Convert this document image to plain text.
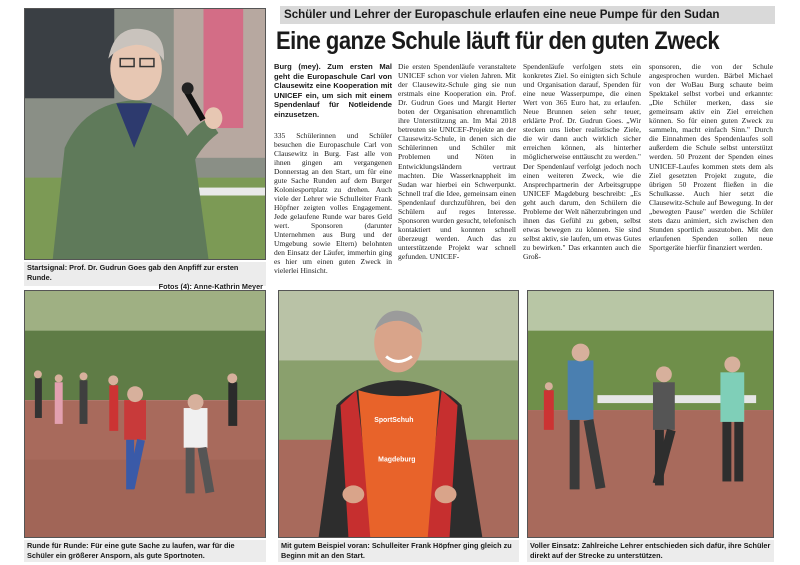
Schüler und Lehrer der Europaschule erlaufen eine neue Pumpe für den Sudan
Eine ganze Schule läuft für den guten Zweck
Startsignal: Prof. Dr. Gudrun Goes gab den Anpfiff zur ersten Runde.
Fotos (4): Anne-Kathrin Meyer

Burg (mey). Zum ersten Mal geht die Europaschule Carl von Clausewitz eine Kooperation mit UNICEF ein, um sich mit einem Spendenlauf für Notleidende einzusetzen.

335 Schülerinnen und Schüler besuchen die Europaschule Carl von Clausewitz in Burg. Fast alle von ihnen gingen am vergangenen Donnerstag an den Start, um für eine gute Sache Runden auf dem Burger Koloniesportplatz zu drehen. Auch viele der Lehrer wie Schulleiter Frank Höpfner zeigten volles Engagement. Jede gelaufene Runde war bares Geld wert. Sponsoren (darunter Unternehmen aus Burg und der Umgebung sowie Eltern) belohnten den Einsatz der Läufer, immerhin ging es hier um einen guten Zweck in vielerlei Hinsicht.

Die ersten Spendenläufe veranstaltete UNICEF schon vor vielen Jahren. Mit der Clausewitz-Schule ging sie nun erstmals eine Kooperation ein. Prof. Dr. Gudrun Goes und Margit Herter boten der Organisation ehrenamtlich ihre Unterstützung an. Im Mai 2018 betreuten sie UNICEF-Projekte an der Clausewitz-Schule, in denen sich die Schülerinnen und Schüler mit Problemen und Nöten in Entwicklungsländern vertraut machten. Die Wasserknappheit im Sudan war hierbei ein Schwerpunkt. Schnell traf die Idee, gemeinsam einen Spendenlauf durchzuführen, bei den Schülern auf reges Interesse. Sponsoren wurden gesucht, telefonisch kontaktiert und konnten schnell überzeugt werden. Auch das zu unterstützende Projekt war schnell gefunden. UNICEF-

Spendenläufe verfolgen stets ein konkretes Ziel. So einigten sich Schule und Organisation darauf, Spenden für eine neue Wasserpumpe, die einen Wert von 365 Euro hat, zu erlaufen. Neue Brunnen seien sehr teuer, erklärte Prof. Dr. Gudrun Goes. „Wir stecken uns lieber realistische Ziele, die wir dann auch wirklich sicher erreichen können, als hinterher möglicherweise enttäuscht zu werden." Der Spendenlauf verfolgt jedoch noch einen weiteren Zweck, wie die Ansprechpartnerin der Arbeitsgruppe UNICEF Magdeburg beschreibt: „Es geht auch darum, den Schülern die Probleme der Welt näherzubringen und ihnen das Gefühl zu geben, selbst etwas bewegen zu können. Sie sind selbst aktiv, sie laufen, um etwas Gutes zu bewirken." Das erkannten auch die Groß-

sponsoren, die von der Schule angesprochen wurden. Bärbel Michael von der WoBau Burg schaute beim Spektakel selbst vorbei und erkannte: „Die Schüler merken, dass sie gemeinsam aktiv ein Ziel erreichen können. So für einen guten Zweck zu sammeln, macht einfach Sinn." Durch die Einnahmen des Spendenlaufes soll außerdem die Schule selbst unterstützt werden. 50 Prozent der Spenden eines UNICEF-Laufes kommen stets dem als Ziel gesetzten Projekt zugute, die übrigen 50 Prozent fließen in die Schulkasse. Auch hier setzt die Clausewitz-Schule auf Bewegung. In der „bewegten Pause" werden die Schüler stets dazu animiert, sich zwischen den Stunden sportlich auszutoben. Mit den erlaufenen Spenden sollen neue Sportgeräte hierfür finanziert werden.

Runde für Runde: Für eine gute Sache zu laufen, war für die Schüler ein größerer Ansporn, als gute Sportnoten.
SportSchuh
Magdeburg
Mit gutem Beispiel voran: Schulleiter Frank Höpfner ging gleich zu Beginn mit an den Start.
Voller Einsatz: Zahlreiche Lehrer entschieden sich dafür, ihre Schüler direkt auf der Strecke zu unterstützen.
